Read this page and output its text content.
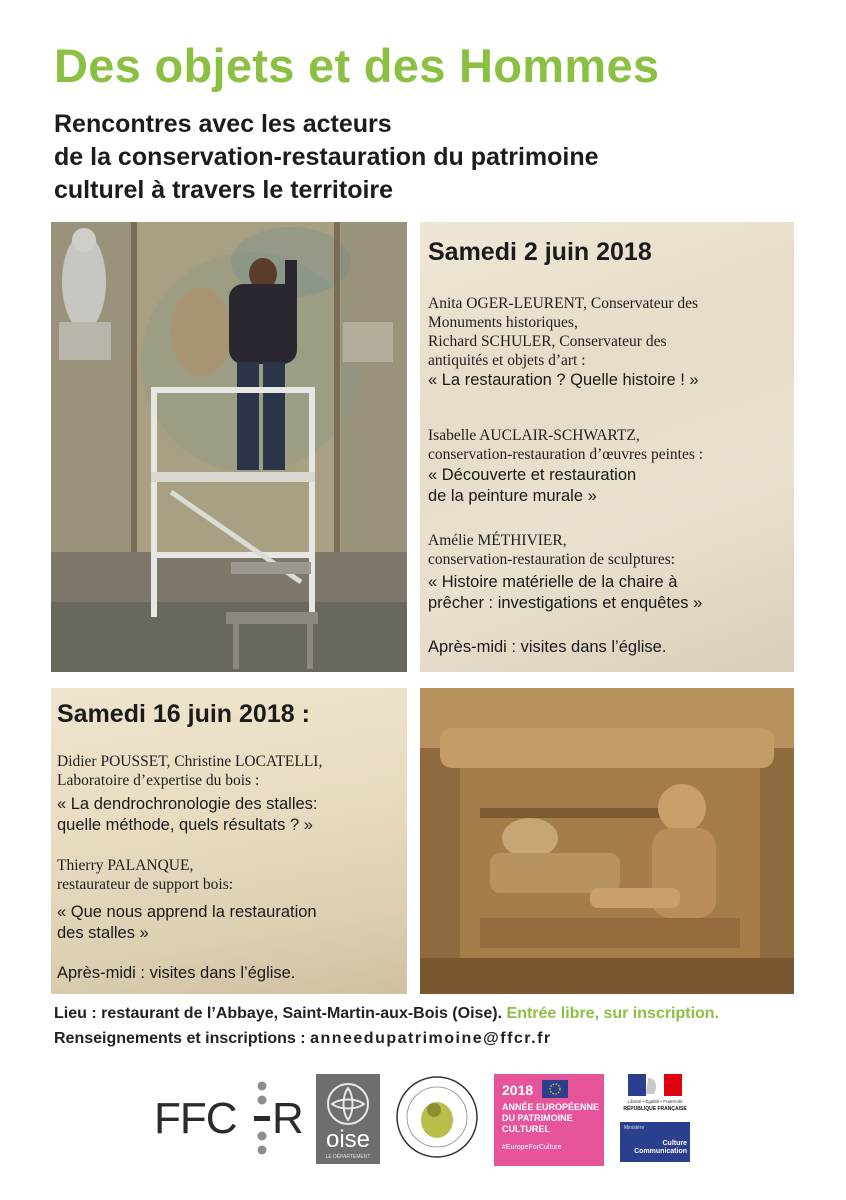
Des objets et des Hommes
Rencontres avec les acteurs
de la conservation-restauration du patrimoine
culturel à travers le territoire
Samedi 2 juin 2018
Anita OGER-LEURENT, Conservateur des
Monuments historiques,
Richard SCHULER, Conservateur des
antiquités et objets d’art :
« La restauration ? Quelle histoire ! »
Isabelle AUCLAIR-SCHWARTZ,
conservation-restauration d’œuvres peintes :
« Découverte et restauration
de la peinture murale »
Amélie MÉTHIVIER,
conservation-restauration de sculptures:
« Histoire matérielle de la chaire à
prêcher : investigations et enquêtes »
Après-midi : visites dans l’église.
Samedi 16 juin 2018 :
Didier POUSSET, Christine LOCATELLI,
Laboratoire d’expertise du bois :
« La dendrochronologie des stalles:
quelle méthode, quels résultats ? »
Thierry PALANQUE,
restaurateur de support bois:
« Que nous apprend la restauration
des stalles »
Après-midi : visites dans l’église.
Lieu : restaurant de l’Abbaye, Saint-Martin-aux-Bois (Oise). Entrée libre, sur inscription.
Renseignements et inscriptions : anneedupatrimoine@ffcr.fr
FFC R oise
LE DÉPARTEMENT
2018
ANNÉE EUROPÉENNE
DU PATRIMOINE
CULTUREL
#EuropeForCulture
Liberté • Égalité • Fraternité
RÉPUBLIQUE FRANÇAISE
Ministère
Culture
Communication
